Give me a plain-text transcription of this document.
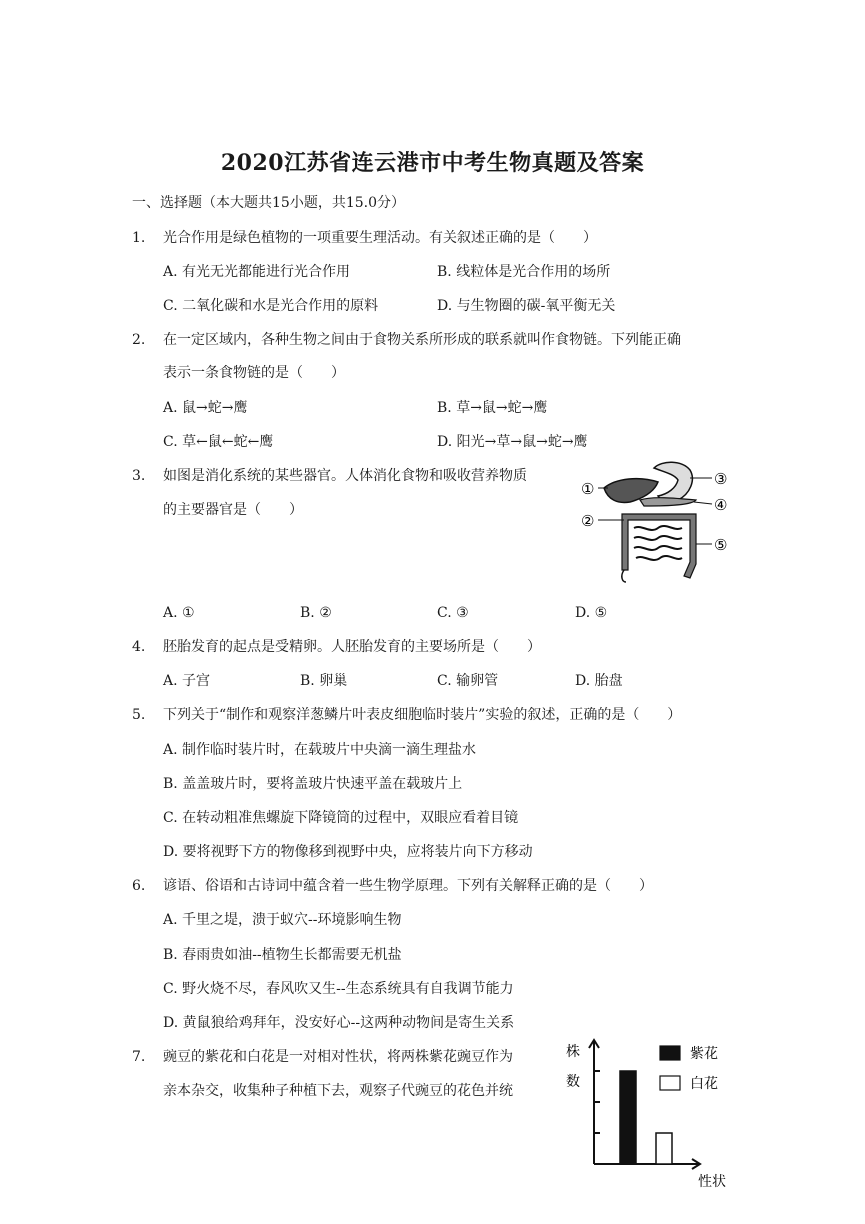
2020江苏省连云港市中考生物真题及答案
一、选择题（本大题共15小题，共15.0分）
1. 光合作用是绿色植物的一项重要生理活动。有关叙述正确的是（　　）
A. 有光无光都能进行光合作用	B. 线粒体是光合作用的场所
C. 二氧化碳和水是光合作用的原料	D. 与生物圈的碳-氧平衡无关
2. 在一定区域内，各种生物之间由于食物关系所形成的联系就叫作食物链。下列能正确
表示一条食物链的是（　　）
A. 鼠→蛇→鹰	B. 草→鼠→蛇→鹰
C. 草←鼠←蛇←鹰	D. 阳光→草→鼠→蛇→鹰
3. 如图是消化系统的某些器官。人体消化食物和吸收营养物质
的主要器官是（　　）
①
②
③
④
⑤
A. ①	B. ②	C. ③	D. ⑤
4. 胚胎发育的起点是受精卵。人胚胎发育的主要场所是（　　）
A. 子宫	B. 卵巢	C. 输卵管	D. 胎盘
5. 下列关于“制作和观察洋葱鳞片叶表皮细胞临时装片”实验的叙述，正确的是（　　）
A. 制作临时装片时，在载玻片中央滴一滴生理盐水
B. 盖盖玻片时，要将盖玻片快速平盖在载玻片上
C. 在转动粗准焦螺旋下降镜筒的过程中，双眼应看着目镜
D. 要将视野下方的物像移到视野中央，应将装片向下方移动
6. 谚语、俗语和古诗词中蕴含着一些生物学原理。下列有关解释正确的是（　　）
A. 千里之堤，溃于蚁穴--环境影响生物
B. 春雨贵如油--植物生长都需要无机盐
C. 野火烧不尽，春风吹又生--生态系统具有自我调节能力
D. 黄鼠狼给鸡拜年，没安好心--这两种动物间是寄生关系
7. 豌豆的紫花和白花是一对相对性状，将两株紫花豌豆作为
亲本杂交，收集种子种植下去，观察子代豌豆的花色并统
株
数
性状
紫花
白花
